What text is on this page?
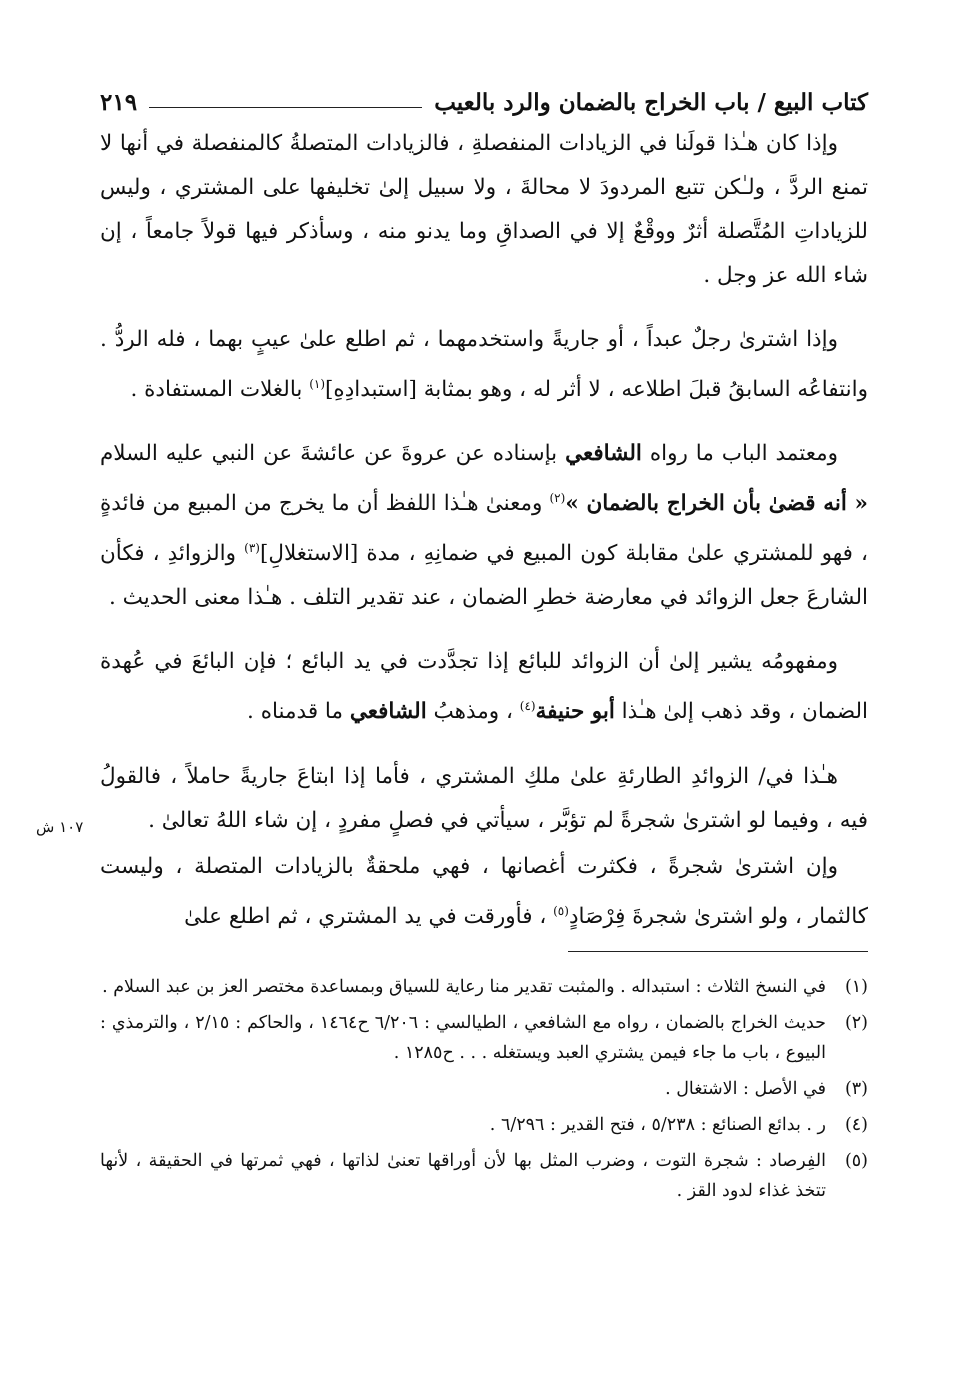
١٠٧ ش
كتاب البيع / باب الخراج بالضمان والرد بالعيب
٢١٩

وإذا كان هـٰذا قولَنا في الزيادات المنفصلةِ ، فالزيادات المتصلةُ كالمنفصلة في أنها لا تمنع الردَّ ، ولـٰكن تتبع المردودَ لا محالةَ ، ولا سبيل إلىٰ تخليفها على المشتري ، وليس للزياداتِ المُتَّصلة أثرٌ ووقْعٌ إلا في الصداقِ وما يدنو منه ، وسأذكر فيها قولاً جامعاً ، إن شاء الله عز وجل .

وإذا اشترىٰ رجلٌ عبداً ، أو جاريةً واستخدمهما ، ثم اطلع علىٰ عيبٍ بهما ، فله الردُّ . وانتفاعُه السابقُ قبلَ اطلاعه ، لا أثر له ، وهو بمثابة [استبدادِهِ]$^{(١)}$ بالغلات المستفادة .

ومعتمد الباب ما رواه الشافعي بإسناده عن عروةَ عن عائشةَ عن النبي عليه السلام « أنه قضىٰ بأن الخراج بالضمان »$^{(٢)}$ ومعنىٰ هـٰذا اللفظ أن ما يخرج من المبيع من فائدةٍ ، فهو للمشتري علىٰ مقابلة كون المبيع في ضمانِهِ ، مدة [الاستغلالِ]$^{(٣)}$ والزوائدِ ، فكأن الشارعَ جعل الزوائد في معارضة خطرِ الضمان ، عند تقدير التلف . هـٰذا معنى الحديث .

ومفهومُه يشير إلىٰ أن الزوائد للبائع إذا تجدَّدت في يد البائع ؛ فإن البائعَ في عُهدة الضمان ، وقد ذهب إلىٰ هـٰذا أبو حنيفة$^{(٤)}$ ، ومذهبُ الشافعي ما قدمناه .

هـٰذا في/ الزوائدِ الطارئةِ علىٰ ملكِ المشتري ، فأما إذا ابتاعَ جاريةً حاملاً ، فالقولُ فيه ، وفيما لو اشترىٰ شجرةً لم تؤبَّر ، سيأتي في فصلٍ مفردٍ ، إن شاء اللهُ تعالىٰ .

وإن اشترىٰ شجرةً ، فكثرت أغصانها ، فهي ملحقةٌ بالزيادات المتصلة ، وليست كالثمار ، ولو اشترىٰ شجرةَ فِرْصَادٍ$^{(٥)}$ ، فأورقت في يد المشتري ، ثم اطلع علىٰ

(١)
في النسخ الثلاث : استبداله . والمثبت تقدير منا رعاية للسياق وبمساعدة مختصر العز بن عبد السلام .
(٢)
حديث الخراج بالضمان ، رواه مع الشافعي ، الطيالسي : ٦/٢٠٦ ح١٤٦٤ ، والحاكم : ٢/١٥ ، والترمذي : البيوع ، باب ما جاء فيمن يشتري العبد ويستغله . . . ح١٢٨٥ .
(٣)
في الأصل : الاشتغال .
(٤)
ر . بدائع الصنائع : ٥/٢٣٨ ، فتح القدير : ٦/٢٩٦ .
(٥)
الفِرصاد : شجرة التوت ، وضرب المثل بها لأن أوراقها تعنىٰ لذاتها ، فهي ثمرتها في الحقيقة ، لأنها تتخذ غذاء لدود القز .
